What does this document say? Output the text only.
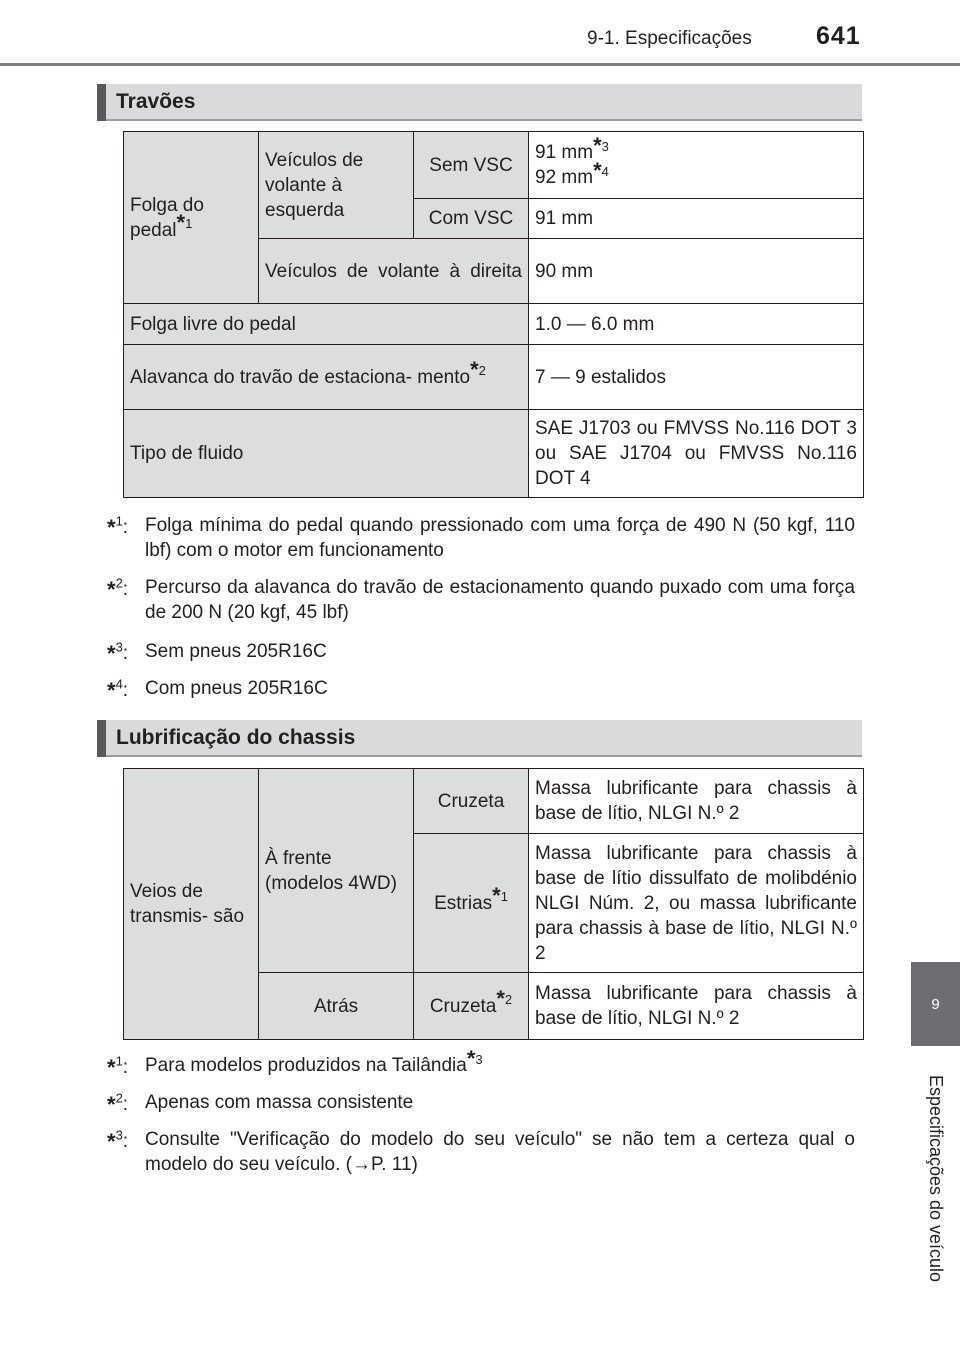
9-1. Especificações	641
9
Especificações do veículo
Travões
Folga do pedal$^{*1}$	Veículos de volante à esquerda	Sem VSC	91 $mm^{*3}$
92 $mm^{*4}$
		Com VSC	91 mm
	Veículos de volante à direita		90 mm
Folga livre do pedal			1.0 — 6.0 mm
Alavanca do travão de estaciona- mento$^{*2}$			7 — 9 estalidos
Tipo de fluido			SAE J1703 ou FMVSS No.116 DOT 3 ou SAE J1704 ou FMVSS No.116 DOT 4
*$^1$: Folga mínima do pedal quando pressionado com uma força de 490 N (50 kgf, 110 lbf) com o motor em funcionamento
*$^2$: Percurso da alavanca do travão de estacionamento quando puxado com uma força de 200 N (20 kgf, 45 lbf)
*$^3$: Sem pneus 205R16C
*$^4$: Com pneus 205R16C
Lubrificação do chassis
Veios de transmis- são	À frente (modelos 4WD)	Cruzeta	Massa lubrificante para chassis à base de lítio, NLGI N.º 2
		Estrias$^{*1}$	Massa lubrificante para chassis à base de lítio dissulfato de molibdénio NLGI Núm. 2, ou massa lubrificante para chassis à base de lítio, NLGI N.º 2
	Atrás	Cruzeta$^{*2}$	Massa lubrificante para chassis à base de lítio, NLGI N.º 2
*$^1$: Para modelos produzidos na Tailândia$^{*3}$
*$^2$: Apenas com massa consistente
*$^3$: Consulte "Verificação do modelo do seu veículo" se não tem a certeza qual o modelo do seu veículo. (→P. 11)
